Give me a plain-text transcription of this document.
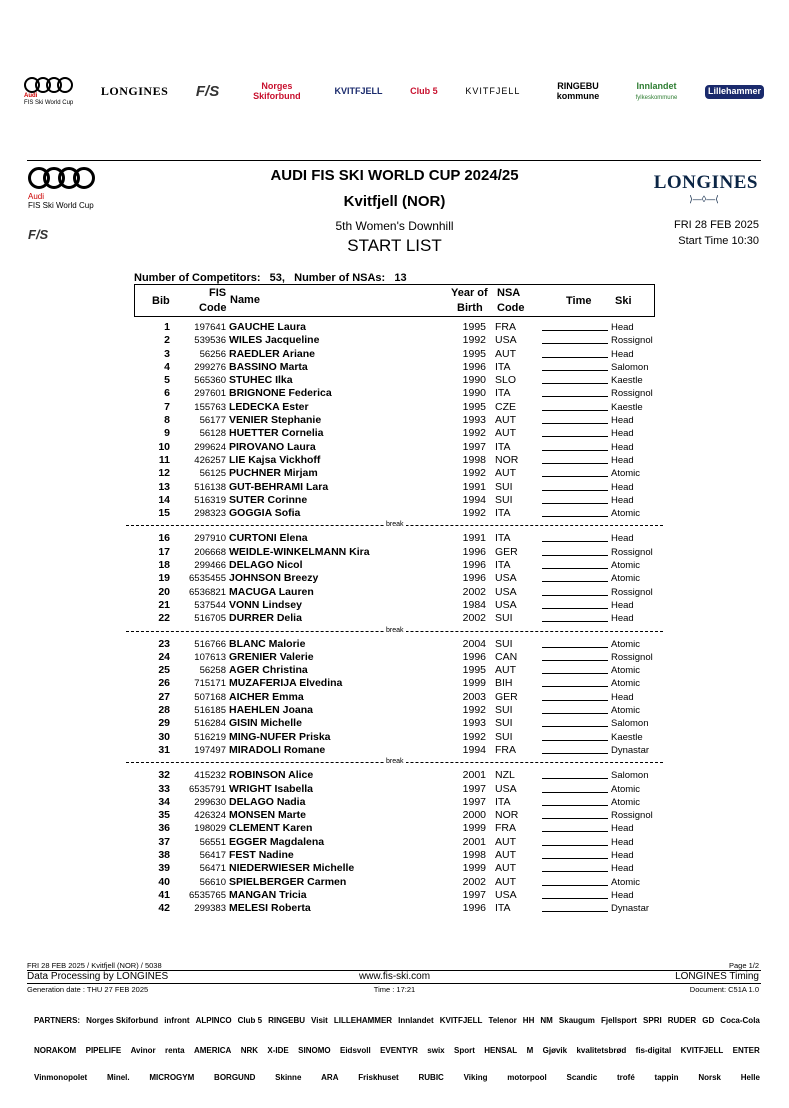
Audi
FIS Ski World Cup
LONGINES F/S	Norges Skiforbund	KVITFJELL	Club 5	KVITFJELL	RINGEBU kommune
Innlandet
fylkeskommune
Lillehammer
Audi
FIS Ski World Cup
F/S
AUDI FIS SKI WORLD CUP 2024/25
Kvitfjell (NOR)
5th Women's Downhill
START LIST
LONGINES
⟩—◊—⟨
FRI 28 FEB 2025
Start Time 10:30
Number of Competitors: 53, Number of NSAs: 13
Bib
FIS
Code
Name
Year of
Birth
NSA
Code
Time Ski
1	197641 GAUCHE Laura	1995 FRA	Head
2	539536 WILES Jacqueline	1992 USA	Rossignol
3	56256 RAEDLER Ariane	1995 AUT	Head
4	299276 BASSINO Marta	1996 ITA	Salomon
5	565360 STUHEC Ilka	1990 SLO	Kaestle
6	297601 BRIGNONE Federica	1990 ITA	Rossignol
7	155763 LEDECKA Ester	1995 CZE	Kaestle
8	56177 VENIER Stephanie	1993 AUT	Head
9	56128 HUETTER Cornelia	1992 AUT	Head
10	299624 PIROVANO Laura	1997 ITA	Head
11	426257 LIE Kajsa Vickhoff	1998 NOR	Head
12	56125 PUCHNER Mirjam	1992 AUT	Atomic
13	516138 GUT-BEHRAMI Lara	1991 SUI	Head
14	516319 SUTER Corinne	1994 SUI	Head
15	298323 GOGGIA Sofia	1992 ITA	Atomic
break
16	297910 CURTONI Elena	1991 ITA	Head
17	206668 WEIDLE-WINKELMANN Kira	1996 GER	Rossignol
18	299466 DELAGO Nicol	1996 ITA	Atomic
19	6535455 JOHNSON Breezy	1996 USA	Atomic
20	6536821 MACUGA Lauren	2002 USA	Rossignol
21	537544 VONN Lindsey	1984 USA	Head
22	516705 DURRER Delia	2002 SUI	Head
break
23	516766 BLANC Malorie	2004 SUI	Atomic
24	107613 GRENIER Valerie	1996 CAN	Rossignol
25	56258 AGER Christina	1995 AUT	Atomic
26	715171 MUZAFERIJA Elvedina	1999 BIH	Atomic
27	507168 AICHER Emma	2003 GER	Head
28	516185 HAEHLEN Joana	1992 SUI	Atomic
29	516284 GISIN Michelle	1993 SUI	Salomon
30	516219 MING-NUFER Priska	1992 SUI	Kaestle
31	197497 MIRADOLI Romane	1994 FRA	Dynastar
break
32	415232 ROBINSON Alice	2001 NZL	Salomon
33	6535791 WRIGHT Isabella	1997 USA	Atomic
34	299630 DELAGO Nadia	1997 ITA	Atomic
35	426324 MONSEN Marte	2000 NOR	Rossignol
36	198029 CLEMENT Karen	1999 FRA	Head
37	56551 EGGER Magdalena	2001 AUT	Head
38	56417 FEST Nadine	1998 AUT	Head
39	56471 NIEDERWIESER Michelle	1999 AUT	Head
40	56610 SPIELBERGER Carmen	2002 AUT	Atomic
41	6535765 MANGAN Tricia	1997 USA	Head
42	299383 MELESI Roberta	1996 ITA	Dynastar
FRI 28 FEB 2025 / Kvitfjell (NOR) / 5038	Page 1/2
Data Processing by LONGINES	www.fis-ski.com	LONGINES Timing
Generation date : THU 27 FEB 2025	Time : 17:21	Document: C51A 1.0
PARTNERS: Norges Skiforbund infront ALPINCO Club 5 RINGEBU Visit LILLEHAMMER Innlandet KVITFJELL Telenor HH NM Skaugum Fjellsport SPRI RUDER GD Coca-Cola
NORAKOM PIPELIFE Avinor renta AMERICA NRK X-IDE SINOMO Eidsvoll EVENTYR swix Sport HENSAL M Gjøvik kvalitetsbrød fis-digital KVITFJELL ENTER
Vinmonopolet Minel. MICROGYM BORGUND Skinne ARA Friskhuset RUBIC Viking motorpool Scandic trofé tappin Norsk Helle
